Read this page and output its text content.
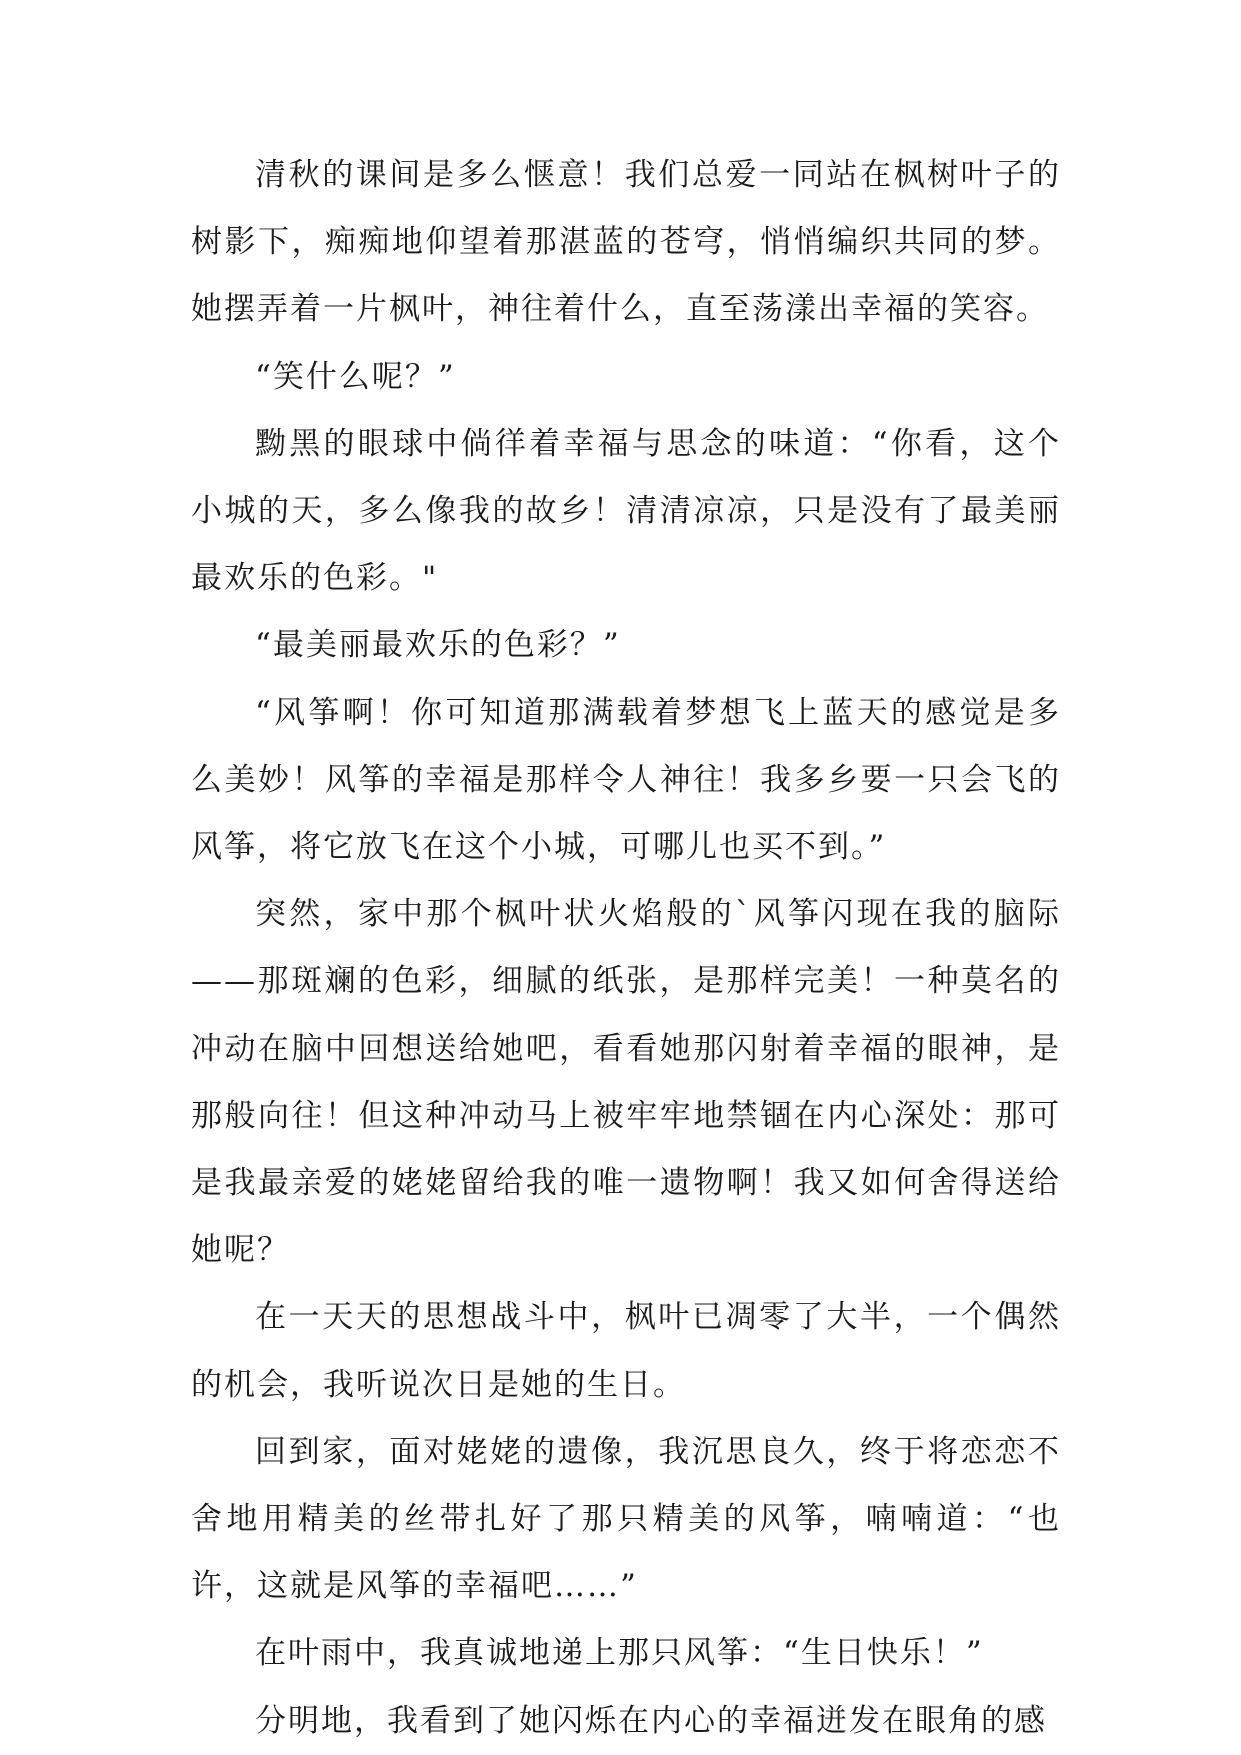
清秋的课间是多么惬意！我们总爱一同站在枫树叶子的树影下，痴痴地仰望着那湛蓝的苍穹，悄悄编织共同的梦。她摆弄着一片枫叶，神往着什么，直至荡漾出幸福的笑容。

“笑什么呢？”

黝黑的眼球中倘徉着幸福与思念的味道：“你看，这个小城的天，多么像我的故乡！清清凉凉，只是没有了最美丽最欢乐的色彩。"

“最美丽最欢乐的色彩？”

“风筝啊！你可知道那满载着梦想飞上蓝天的感觉是多么美妙！风筝的幸福是那样令人神往！我多乡要一只会飞的风筝，将它放飞在这个小城，可哪儿也买不到。”

突然，家中那个枫叶状火焰般的`风筝闪现在我的脑际——那斑斓的色彩，细腻的纸张，是那样完美！一种莫名的冲动在脑中回想送给她吧，看看她那闪射着幸福的眼神，是那般向往！但这种冲动马上被牢牢地禁锢在内心深处：那可是我最亲爱的姥姥留给我的唯一遗物啊！我又如何舍得送给她呢？

在一天天的思想战斗中，枫叶已凋零了大半，一个偶然的机会，我听说次日是她的生日。

回到家，面对姥姥的遗像，我沉思良久，终于将恋恋不舍地用精美的丝带扎好了那只精美的风筝，喃喃道：“也许，这就是风筝的幸福吧……”

在叶雨中，我真诚地递上那只风筝：“生日快乐！”

分明地，我看到了她闪烁在内心的幸福迸发在眼角的感
